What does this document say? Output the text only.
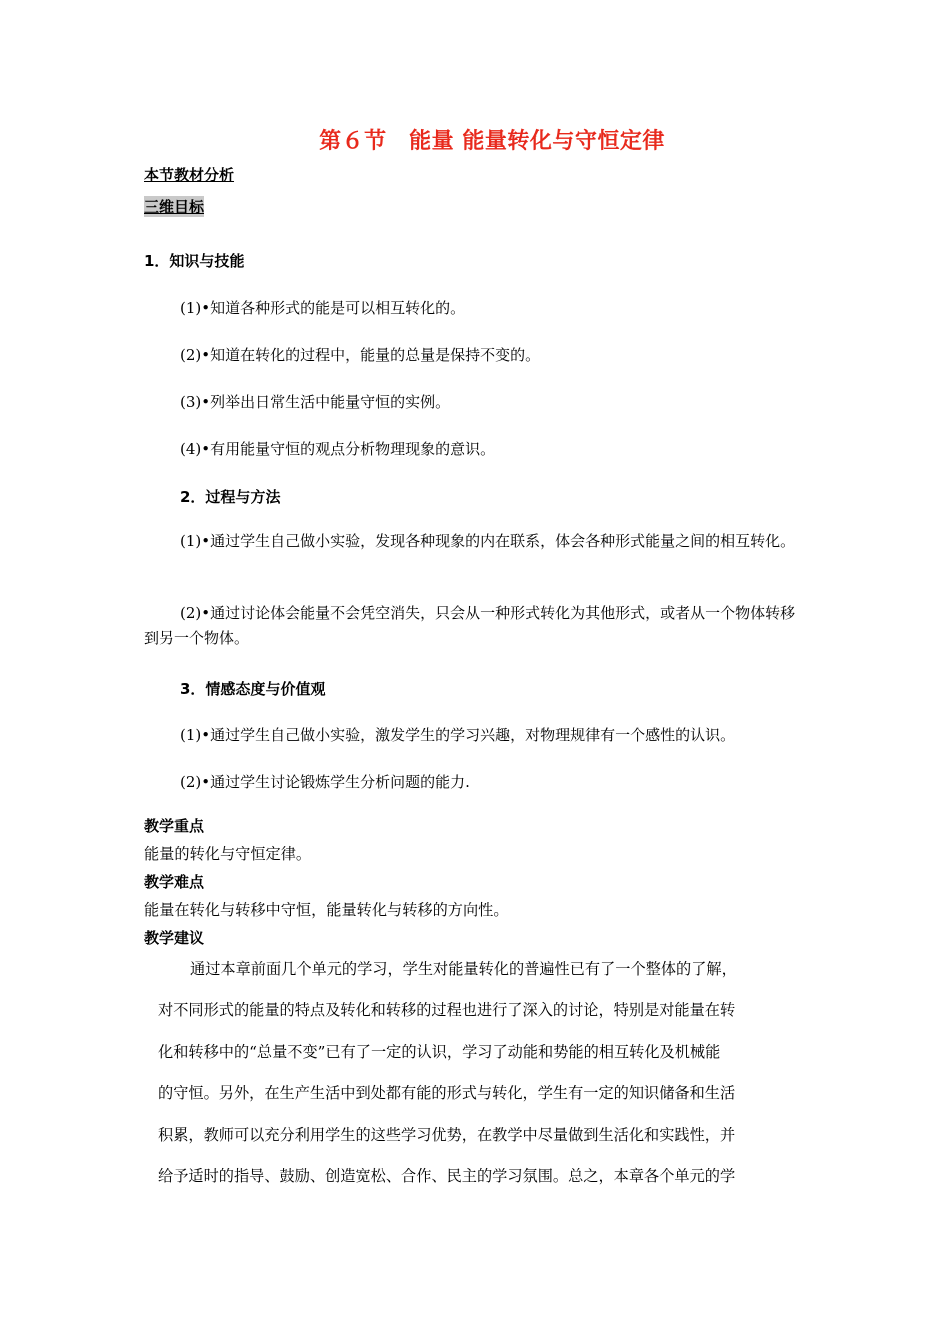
第６节　能量 能量转化与守恒定律
本节教材分析
三维目标
1．知识与技能
(1)•知道各种形式的能是可以相互转化的。
(2)•知道在转化的过程中，能量的总量是保持不变的。
(3)•列举出日常生活中能量守恒的实例。
(4)•有用能量守恒的观点分析物理现象的意识。
2．过程与方法
(1)•通过学生自己做小实验，发现各种现象的内在联系，体会各种形式能量之间的相互转化。
(2)•通过讨论体会能量不会凭空消失，只会从一种形式转化为其他形式，或者从一个物体转移到另一个物体。
3．情感态度与价值观
(1)•通过学生自己做小实验，激发学生的学习兴趣，对物理规律有一个感性的认识。
(2)•通过学生讨论锻炼学生分析问题的能力.
教学重点
能量的转化与守恒定律。
教学难点
能量在转化与转移中守恒，能量转化与转移的方向性。
教学建议
通过本章前面几个单元的学习，学生对能量转化的普遍性已有了一个整体的了解，
对不同形式的能量的特点及转化和转移的过程也进行了深入的讨论，特别是对能量在转
化和转移中的“总量不变”已有了一定的认识，学习了动能和势能的相互转化及机械能
的守恒。另外，在生产生活中到处都有能的形式与转化，学生有一定的知识储备和生活
积累，教师可以充分利用学生的这些学习优势，在教学中尽量做到生活化和实践性，并
给予适时的指导、鼓励、创造宽松、合作、民主的学习氛围。总之，本章各个单元的学
